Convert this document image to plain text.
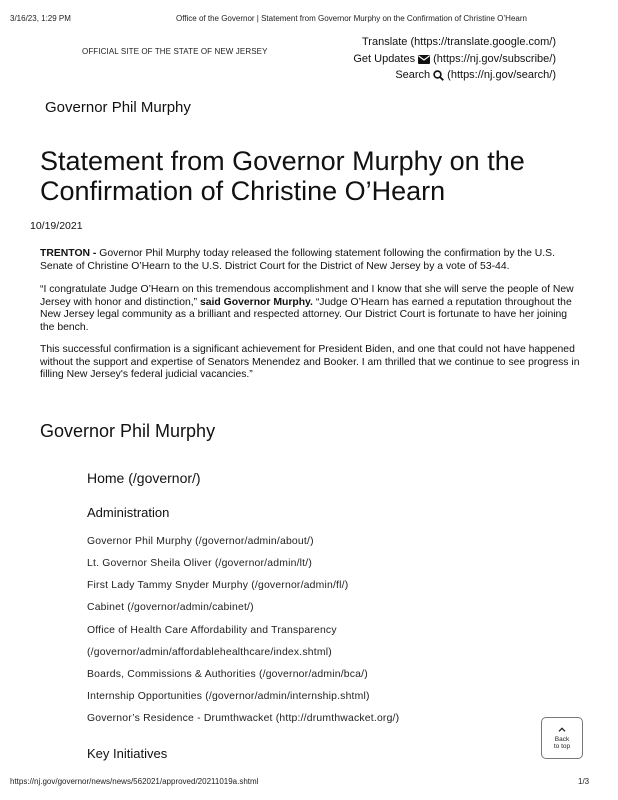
3/16/23, 1:29 PM	Office of the Governor | Statement from Governor Murphy on the Confirmation of Christine O’Hearn
OFFICIAL SITE OF THE STATE OF NEW JERSEY
Translate (https://translate.google.com/)
Get Updates (https://nj.gov/subscribe/)
Search (https://nj.gov/search/)
Governor Phil Murphy
Statement from Governor Murphy on the Confirmation of Christine O’Hearn
10/19/2021

TRENTON - Governor Phil Murphy today released the following statement following the confirmation by the U.S. Senate of Christine O’Hearn to the U.S. District Court for the District of New Jersey by a vote of 53-44.

“I congratulate Judge O’Hearn on this tremendous accomplishment and I know that she will serve the people of New Jersey with honor and distinction,” said Governor Murphy. “Judge O’Hearn has earned a reputation throughout the New Jersey legal community as a brilliant and respected attorney. Our District Court is fortunate to have her joining the bench.

This successful confirmation is a significant achievement for President Biden, and one that could not have happened without the support and expertise of Senators Menendez and Booker. I am thrilled that we continue to see progress in filling New Jersey's federal judicial vacancies.”

Governor Phil Murphy
Home (/governor/)
Administration
Governor Phil Murphy (/governor/admin/about/)
Lt. Governor Sheila Oliver (/governor/admin/lt/)
First Lady Tammy Snyder Murphy (/governor/admin/fl/)
Cabinet (/governor/admin/cabinet/)
Office of Health Care Affordability and Transparency
(/governor/admin/affordablehealthcare/index.shtml)
Boards, Commissions & Authorities (/governor/admin/bca/)
Internship Opportunities (/governor/admin/internship.shtml)
Governor’s Residence - Drumthwacket (http://drumthwacket.org/)
Key Initiatives
Back
to top
https://nj.gov/governor/news/news/562021/approved/20211019a.shtml	1/3
